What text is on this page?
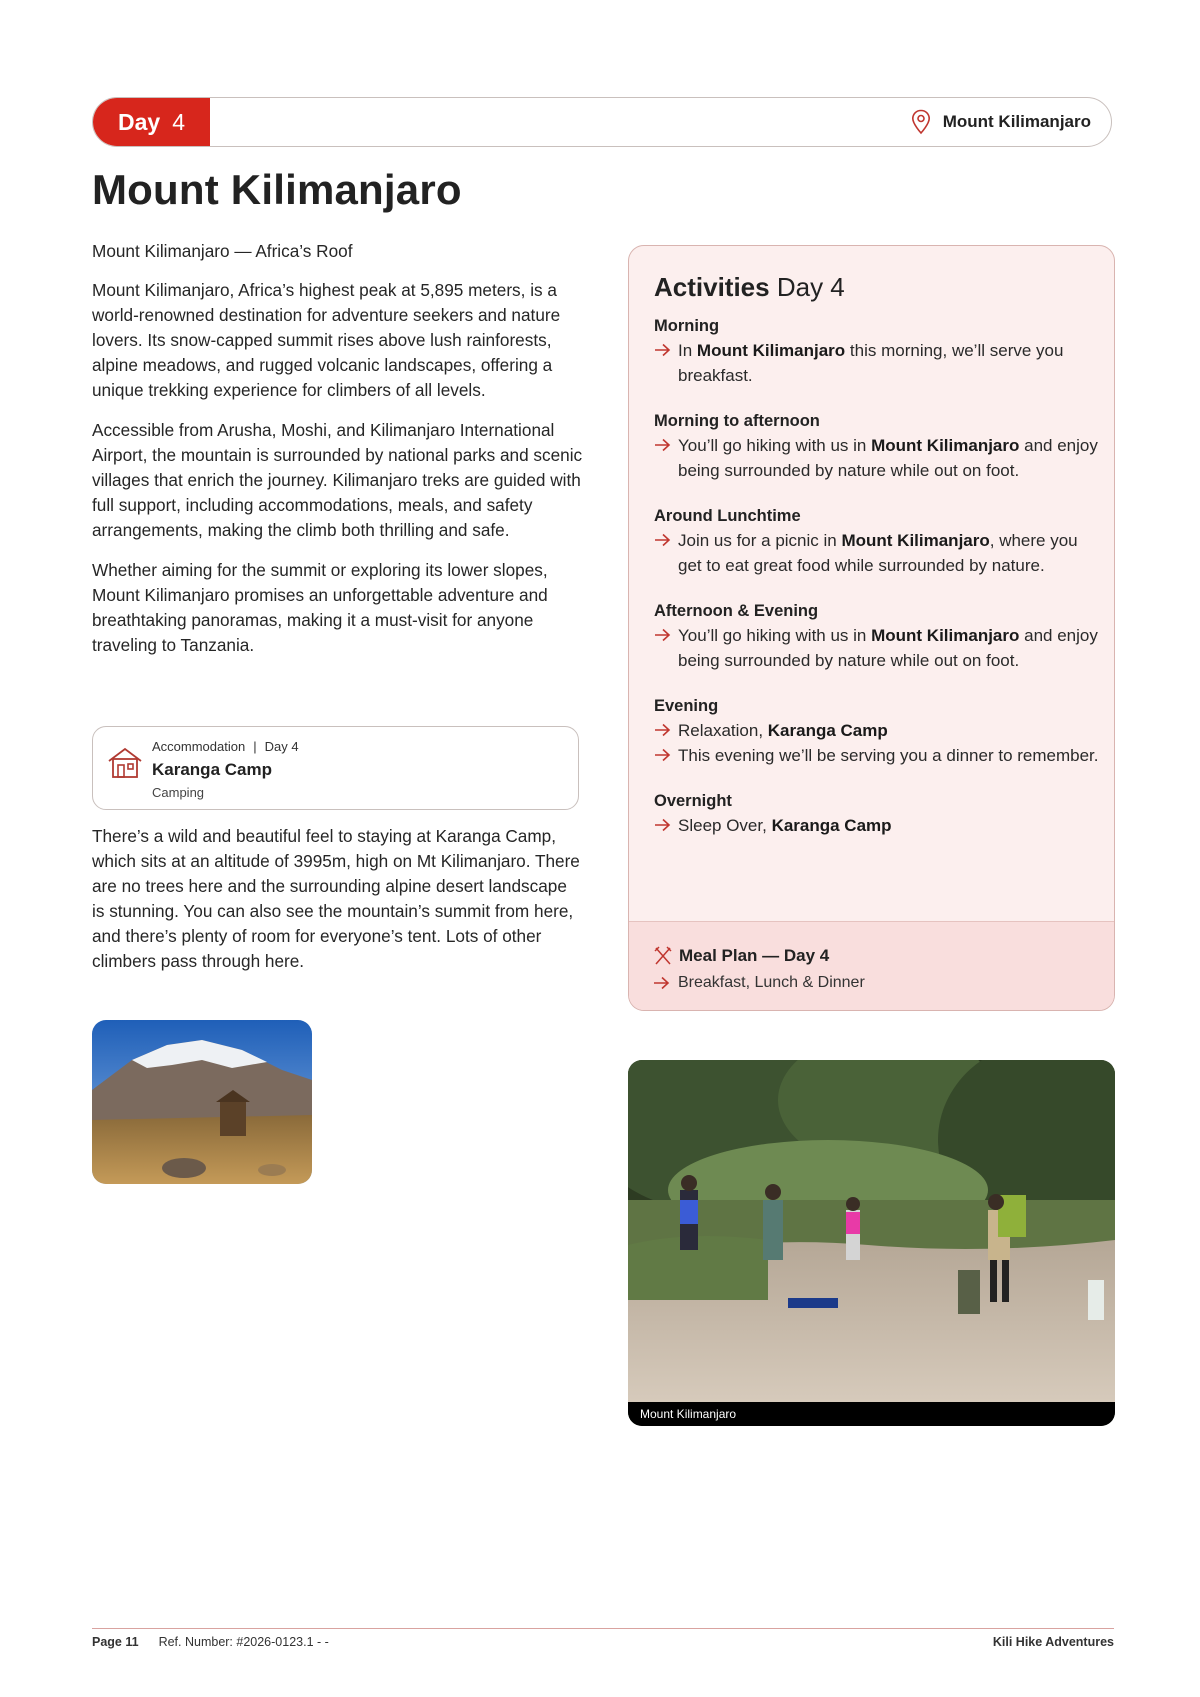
Day 4	Mount Kilimanjaro
Mount Kilimanjaro

Mount Kilimanjaro — Africa’s Roof

Mount Kilimanjaro, Africa’s highest peak at 5,895 meters, is a world-renowned destination for adventure seekers and nature lovers. Its snow-capped summit rises above lush rainforests, alpine meadows, and rugged volcanic landscapes, offering a unique trekking experience for climbers of all levels.

Accessible from Arusha, Moshi, and Kilimanjaro International Airport, the mountain is surrounded by national parks and scenic villages that enrich the journey. Kilimanjaro treks are guided with full support, including accommodations, meals, and safety arrangements, making the climb both thrilling and safe.

Whether aiming for the summit or exploring its lower slopes, Mount Kilimanjaro promises an unforgettable adventure and breathtaking panoramas, making it a must-visit for anyone traveling to Tanzania.

Accommodation | Day 4
Karanga Camp
Camping

There’s a wild and beautiful feel to staying at Karanga Camp, which sits at an altitude of 3995m, high on Mt Kilimanjaro. There are no trees here and the surrounding alpine desert landscape is stunning. You can also see the mountain’s summit from here, and there’s plenty of room for everyone’s tent. Lots of other climbers pass through here.

Activities Day 4
Morning
In Mount Kilimanjaro this morning, we’ll serve you breakfast.
Morning to afternoon
You’ll go hiking with us in Mount Kilimanjaro and enjoy being surrounded by nature while out on foot.
Around Lunchtime
Join us for a picnic in Mount Kilimanjaro, where you get to eat great food while surrounded by nature.
Afternoon & Evening
You’ll go hiking with us in Mount Kilimanjaro and enjoy being surrounded by nature while out on foot.
Evening
Relaxation, Karanga Camp
This evening we’ll be serving you a dinner to remember.
Overnight
Sleep Over, Karanga Camp
Meal Plan — Day 4
Breakfast, Lunch & Dinner
Mount Kilimanjaro
Page 11 Ref. Number: #2026-0123.1 - -	Kili Hike Adventures
